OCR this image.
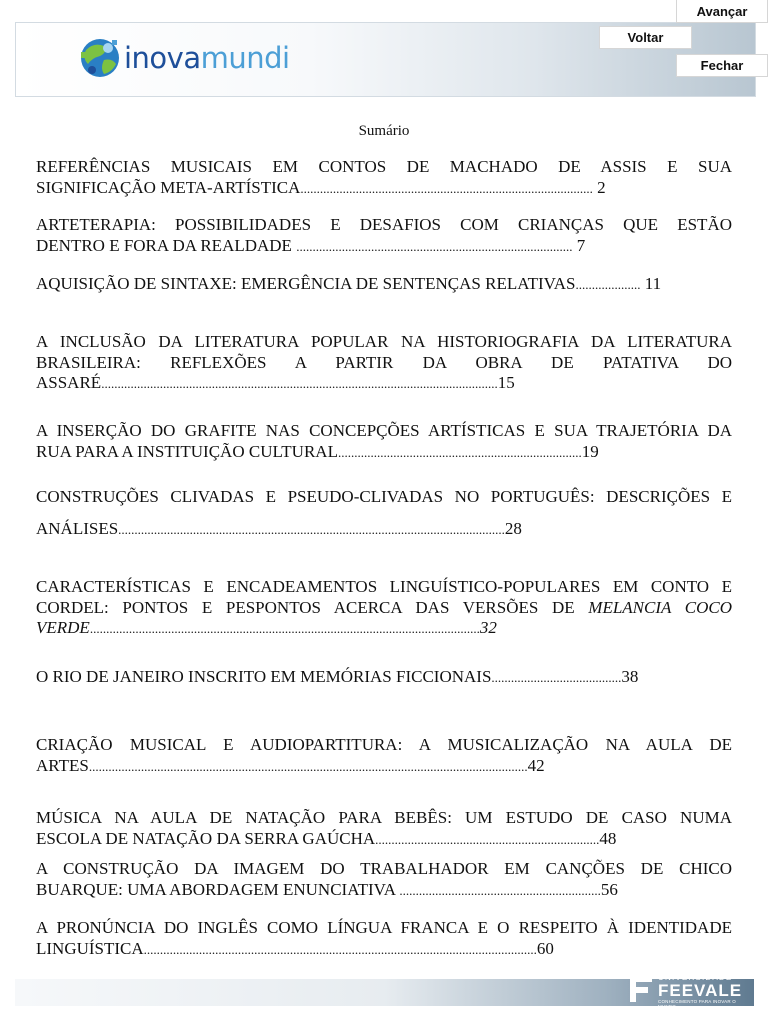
inovamundi
Avançar
Voltar
Fechar
Sumário
REFERÊNCIAS MUSICAIS EM CONTOS DE MACHADO DE ASSIS E SUA
SIGNIFICAÇÃO META-ARTÍSTICA.......................................................................................... 2
ARTETERAPIA: POSSIBILIDADES E DESAFIOS COM CRIANÇAS QUE ESTÃO
DENTRO E FORA DA REALDADE ..................................................................................... 7
AQUISIÇÃO DE SINTAXE: EMERGÊNCIA DE SENTENÇAS RELATIVAS.................... 11
A INCLUSÃO DA LITERATURA POPULAR NA HISTORIOGRAFIA DA LITERATURA
BRASILEIRA: REFLEXÕES A PARTIR DA OBRA DE PATATIVA DO
ASSARÉ..........................................................................................................................15
A INSERÇÃO DO GRAFITE NAS CONCEPÇÕES ARTÍSTICAS E SUA TRAJETÓRIA DA
RUA PARA A INSTITUIÇÃO CULTURAL...........................................................................19
CONSTRUÇÕES CLIVADAS E PSEUDO-CLIVADAS NO PORTUGUÊS: DESCRIÇÕES E
ANÁLISES.......................................................................................................................28
CARACTERÍSTICAS E ENCADEAMENTOS LINGUÍSTICO-POPULARES EM CONTO E
CORDEL: PONTOS E PESPONTOS ACERCA DAS VERSÕES DE MELANCIA COCO
VERDE........................................................................................................................32
O RIO DE JANEIRO INSCRITO EM MEMÓRIAS FICCIONAIS........................................38
CRIAÇÃO MUSICAL E AUDIOPARTITURA: A MUSICALIZAÇÃO NA AULA DE
ARTES.......................................................................................................................................42
MÚSICA NA AULA DE NATAÇÃO PARA BEBÊS: UM ESTUDO DE CASO NUMA
ESCOLA DE NATAÇÃO DA SERRA GAÚCHA.....................................................................48
A CONSTRUÇÃO DA IMAGEM DO TRABALHADOR EM CANÇÕES DE CHICO
BUARQUE: UMA ABORDAGEM ENUNCIATIVA ..............................................................56
A PRONÚNCIA DO INGLÊS COMO LÍNGUA FRANCA E O RESPEITO À IDENTIDADE
LINGUÍSTICA.........................................................................................................................60
UNIVERSIDADE
FEEVALE
CONHECIMENTO PARA INOVAR O MUNDO
